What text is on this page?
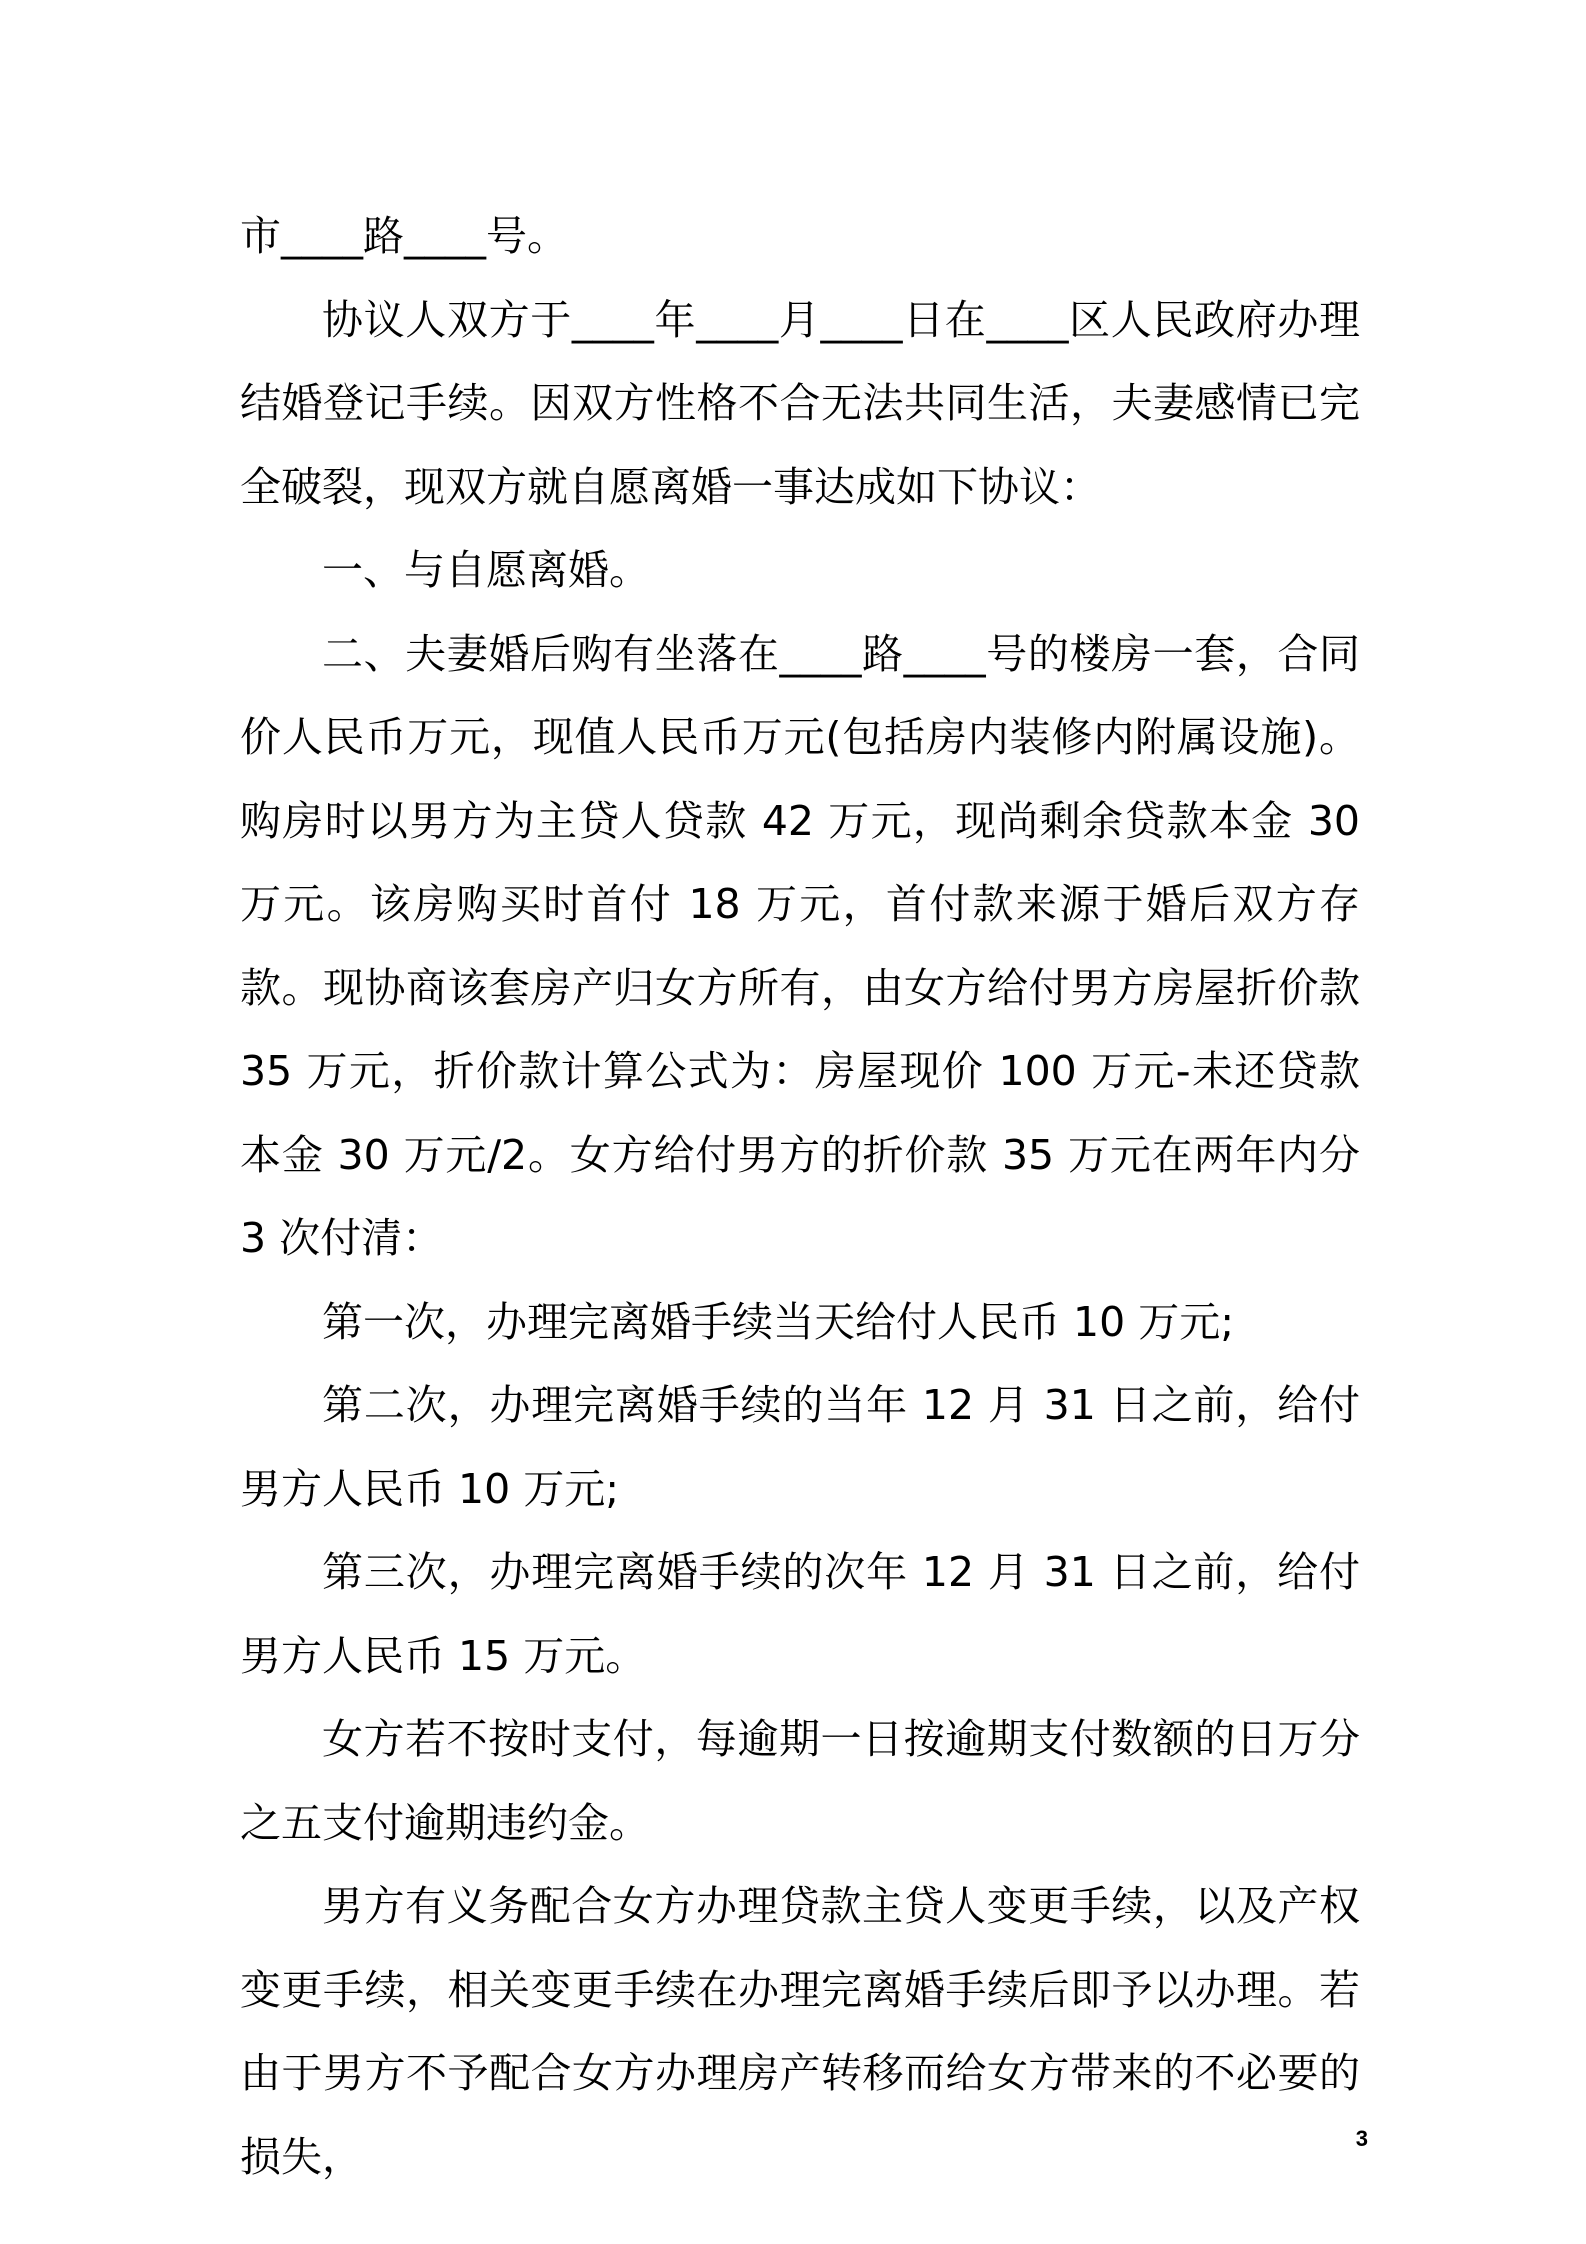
市____路____号。

协议人双方于____年____月____日在____区人民政府办理结婚登记手续。因双方性格不合无法共同生活，夫妻感情已完全破裂，现双方就自愿离婚一事达成如下协议：

一、与自愿离婚。

二、夫妻婚后购有坐落在____路____号的楼房一套，合同价人民币万元，现值人民币万元(包括房内装修内附属设施)。购房时以男方为主贷人贷款 42 万元，现尚剩余贷款本金 30 万元。该房购买时首付 18 万元，首付款来源于婚后双方存款。现协商该套房产归女方所有，由女方给付男方房屋折价款 35 万元，折价款计算公式为：房屋现价 100 万元-未还贷款本金 30 万元/2。女方给付男方的折价款 35 万元在两年内分 3 次付清：

第一次，办理完离婚手续当天给付人民币 10 万元;

第二次，办理完离婚手续的当年 12 月 31 日之前，给付男方人民币 10 万元;

第三次，办理完离婚手续的次年 12 月 31 日之前，给付男方人民币 15 万元。

女方若不按时支付，每逾期一日按逾期支付数额的日万分之五支付逾期违约金。

男方有义务配合女方办理贷款主贷人变更手续，以及产权变更手续，相关变更手续在办理完离婚手续后即予以办理。若由于男方不予配合女方办理房产转移而给女方带来的不必要的损失，	3
